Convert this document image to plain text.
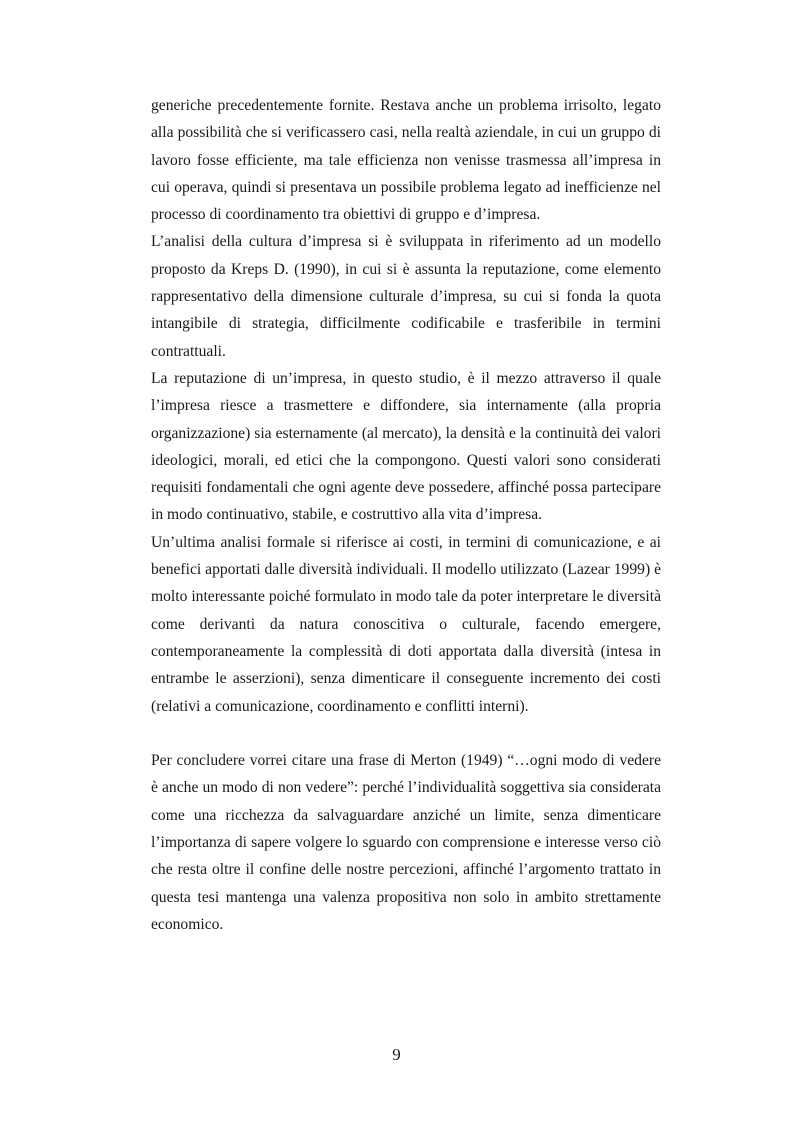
generiche precedentemente fornite. Restava anche un problema irrisolto, legato alla possibilità che si verificassero casi, nella realtà aziendale, in cui un gruppo di lavoro fosse efficiente, ma tale efficienza non venisse trasmessa all’impresa in cui operava, quindi si presentava un possibile problema legato ad inefficienze nel processo di coordinamento tra obiettivi di gruppo e d’impresa.

L’analisi della cultura d’impresa si è sviluppata in riferimento ad un modello proposto da Kreps D. (1990), in cui si è assunta la reputazione, come elemento rappresentativo della dimensione culturale d’impresa, su cui si fonda la quota intangibile di strategia, difficilmente codificabile e trasferibile in termini contrattuali.

La reputazione di un’impresa, in questo studio, è il mezzo attraverso il quale l’impresa riesce a trasmettere e diffondere, sia internamente (alla propria organizzazione) sia esternamente (al mercato), la densità e la continuità dei valori ideologici, morali, ed etici che la compongono. Questi valori sono considerati requisiti fondamentali che ogni agente deve possedere, affinché possa partecipare in modo continuativo, stabile, e costruttivo alla vita d’impresa.

Un’ultima analisi formale si riferisce ai costi, in termini di comunicazione, e ai benefici apportati dalle diversità individuali. Il modello utilizzato (Lazear 1999) è molto interessante poiché formulato in modo tale da poter interpretare le diversità come derivanti da natura conoscitiva o culturale, facendo emergere, contemporaneamente la complessità di doti apportata dalla diversità (intesa in entrambe le asserzioni), senza dimenticare il conseguente incremento dei costi (relativi a comunicazione, coordinamento e conflitti interni).

Per concludere vorrei citare una frase di Merton (1949) “…ogni modo di vedere è anche un modo di non vedere”: perché l’individualità soggettiva sia considerata come una ricchezza da salvaguardare anziché un limite, senza dimenticare l’importanza di sapere volgere lo sguardo con comprensione e interesse verso ciò che resta oltre il confine delle nostre percezioni, affinché l’argomento trattato in questa tesi mantenga una valenza propositiva non solo in ambito strettamente economico.

9
